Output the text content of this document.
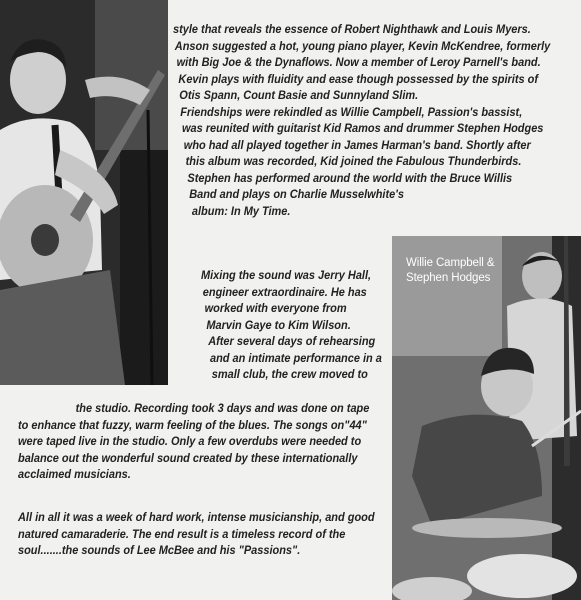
Willie Campbell &
Stephen Hodges
style that reveals the essence of Robert Nighthawk and Louis Myers.
Anson suggested a hot, young piano player, Kevin McKendree, formerly
with Big Joe & the Dynaflows. Now a member of Leroy Parnell's band.
Kevin plays with fluidity and ease though possessed by the spirits of
Otis Spann, Count Basie and Sunnyland Slim.
Friendships were rekindled as Willie Campbell, Passion's bassist,
was reunited with guitarist Kid Ramos and drummer Stephen Hodges
who had all played together in James Harman's band. Shortly after
this album was recorded, Kid joined the Fabulous Thunderbirds.
Stephen has performed around the world with the Bruce Willis
Band and plays on Charlie Musselwhite's
album: In My Time.
Mixing the sound was Jerry Hall,
engineer extraordinaire. He has
worked with everyone from
Marvin Gaye to Kim Wilson.
After several days of rehearsing
and an intimate performance in a
small club, the crew moved to
the studio. Recording took 3 days and was done on tape
to enhance that fuzzy, warm feeling of the blues. The songs on"44"
were taped live in the studio. Only a few overdubs were needed to
balance out the wonderful sound created by these internationally
acclaimed musicians.
All in all it was a week of hard work, intense musicianship, and good
natured camaraderie. The end result is a timeless record of the
soul.......the sounds of Lee McBee and his "Passions".
